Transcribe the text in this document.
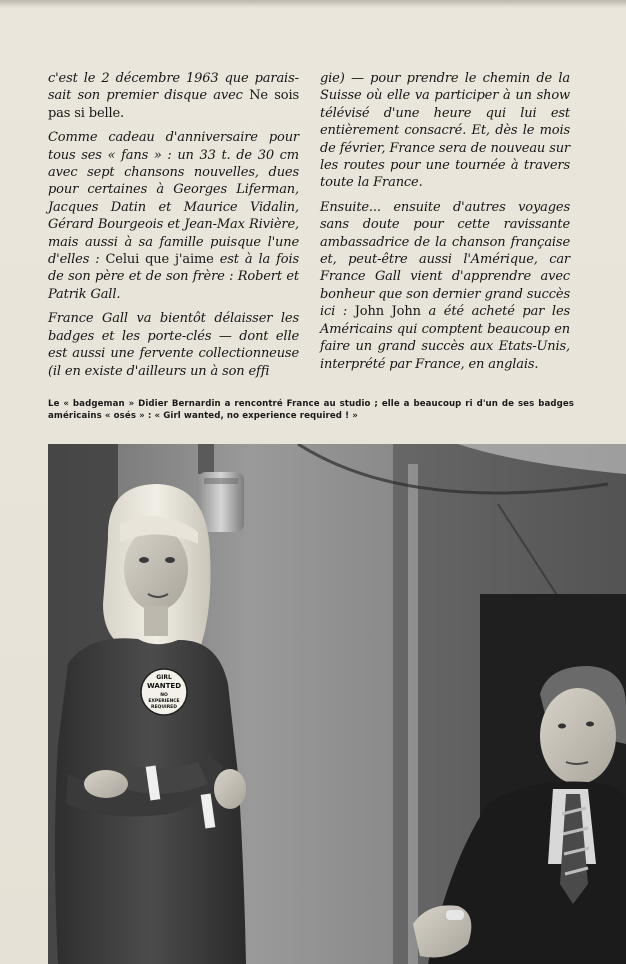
c'est le 2 décembre 1963 que paraissait son premier disque avec Ne sois pas si belle.

Comme cadeau d'anniversaire pour tous ses « fans » : un 33 t. de 30 cm avec sept chansons nouvelles, dues pour certaines à Georges Liferman, Jacques Datin et Maurice Vidalin, Gérard Bourgeois et Jean-Max Rivière, mais aussi à sa famille puisque l'une d'elles : Celui que j'aime est à la fois de son père et de son frère : Robert et Patrik Gall.

France Gall va bientôt délaisser les badges et les porte-clés — dont elle est aussi une fervente collectionneuse (il en existe d'ailleurs un à son effi

gie) — pour prendre le chemin de la Suisse où elle va participer à un show télévisé d'une heure qui lui est entièrement consacré. Et, dès le mois de février, France sera de nouveau sur les routes pour une tournée à travers toute la France.

Ensuite... ensuite d'autres voyages sans doute pour cette ravissante ambassadrice de la chanson française et, peut-être aussi l'Amérique, car France Gall vient d'apprendre avec bonheur que son dernier grand succès ici : John John a été acheté par les Américains qui comptent beaucoup en faire un grand succès aux Etats-Unis, interprété par France, en anglais.

Le « badgeman » Didier Bernardin a rencontré France au studio ; elle a beaucoup ri d'un de ses badges américains « osés » : « Girl wanted, no experience required ! »
GIRL
WANTED
NO
EXPERIENCE
REQUIRED
